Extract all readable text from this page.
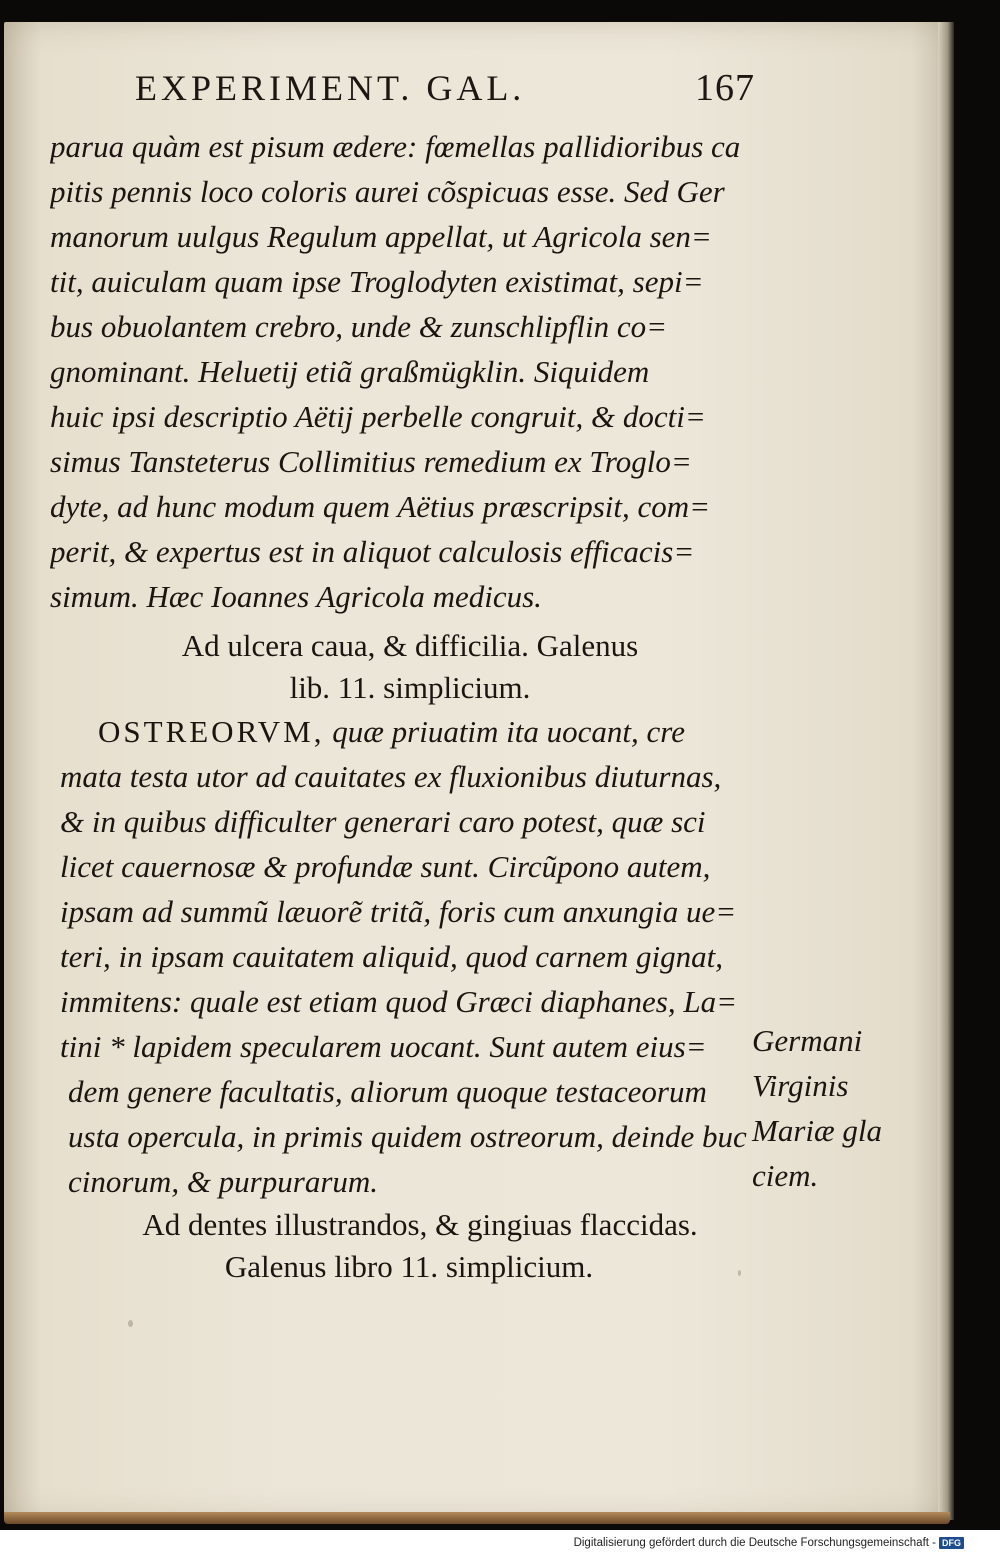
EXPERIMENT. GAL.	167
parua quàm est pisum ædere: fœmellas pallidioribus ca
pitis pennis loco coloris aurei cõspicuas esse. Sed Ger
manorum uulgus Regulum appellat, ut Agricola sen=
tit, auiculam quam ipse Troglodyten existimat, sepi=
bus obuolantem crebro, unde & zunschlipflin co=
gnominant. Heluetij etiã graßmügklin. Siquidem
huic ipsi descriptio Aëtij perbelle congruit, & docti=
simus Tansteterus Collimitius remedium ex Troglo=
dyte, ad hunc modum quem Aëtius præscripsit, com=
perit, & expertus est in aliquot calculosis efficacis=
simum. Hæc Ioannes Agricola medicus.
Ad ulcera caua, & difficilia. Galenus
lib. 11. simplicium.
OSTREORVM, quæ priuatim ita uocant, cre
mata testa utor ad cauitates ex fluxionibus diuturnas,
& in quibus difficulter generari caro potest, quæ sci
licet cauernosæ & profundæ sunt. Circũpono autem,
ipsam ad summũ læuorẽ tritã, foris cum anxungia ue=
teri, in ipsam cauitatem aliquid, quod carnem gignat,
immitens: quale est etiam quod Græci diaphanes, La=
tini * lapidem specularem uocant. Sunt autem eius=
dem generе facultatis, aliorum quoque testaceorum
usta opercula, in primis quidem ostreorum, deinde buc
cinorum, & purpurarum.
Ad dentes illustrandos, & gingiuas flaccidas.
Galenus libro 11. simplicium.
Germani
Virginis
Mariæ gla
ciem.
Digitalisierung gefördert durch die Deutsche Forschungsgemeinschaft - DFG
